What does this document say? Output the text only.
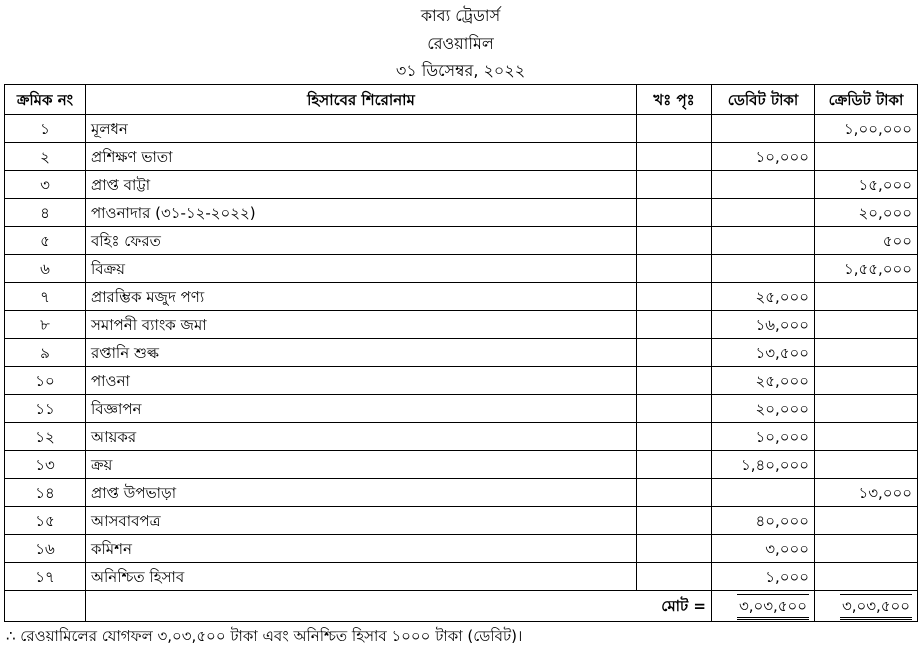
কাব্য ট্রেডার্স
রেওয়ামিল
৩১ ডিসেম্বর, ২০২২
ক্রমিক নং	হিসাবের শিরোনাম	খঃ পৃঃ	ডেবিট টাকা	ক্রেডিট টাকা
১	মূলধন			১,০০,০০০
২	প্রশিক্ষণ ভাতা		১০,০০০	
৩	প্রাপ্ত বাট্টা			১৫,০০০
৪	পাওনাদার (৩১-১২-২০২২)			২০,০০০
৫	বহিঃ ফেরত			৫০০
৬	বিক্রয়			১,৫৫,০০০
৭	প্রারম্ভিক মজুদ পণ্য		২৫,০০০	
৮	সমাপনী ব্যাংক জমা		১৬,০০০	
৯	রপ্তানি শুল্ক		১৩,৫০০	
১০	পাওনা		২৫,০০০	
১১	বিজ্ঞাপন		২০,০০০	
১২	আয়কর		১০,০০০	
১৩	ক্রয়		১,৪০,০০০	
১৪	প্রাপ্ত উপভাড়া			১৩,০০০
১৫	আসবাবপত্র		৪০,০০০	
১৬	কমিশন		৩,০০০	
১৭	অনিশ্চিত হিসাব		১,০০০	
	মোট =		৩,০৩,৫০০	৩,০৩,৫০০
∴ রেওয়ামিলের যোগফল ৩,০৩,৫০০ টাকা এবং অনিশ্চিত হিসাব ১০০০ টাকা (ডেবিট)।
